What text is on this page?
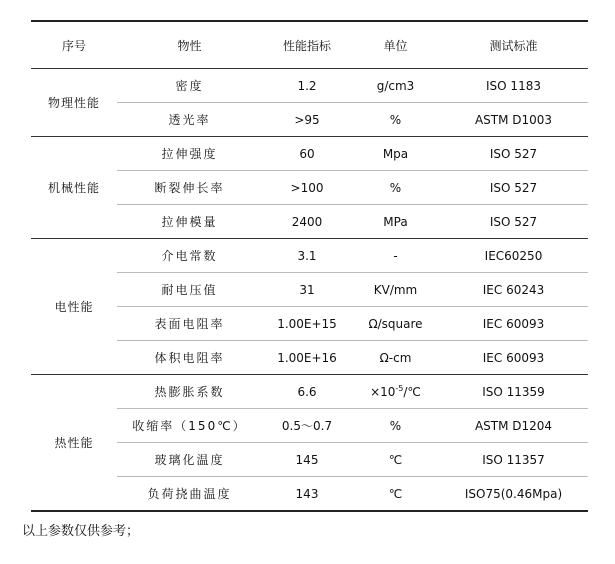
序号	物性	性能指标	单位	测试标准
物理性能	密度	1.2	g/cm3	ISO 1183
	透光率	>95	%	ASTM D1003
机械性能	拉伸强度	60	Mpa	ISO 527
	断裂伸长率	>100	%	ISO 527
	拉伸模量	2400	MPa	ISO 527
电性能	介电常数	3.1	-	IEC60250
	耐电压值	31	KV/mm	IEC 60243
	表面电阻率	1.00E+15	Ω/square	IEC 60093
	体积电阻率	1.00E+16	Ω-cm	IEC 60093
热性能	热膨胀系数	6.6	$\times 10^{-5}/℃$	ISO 11359
	收缩率（150℃）	0.5～0.7	%	ASTM D1204
	玻璃化温度	145	℃	ISO 11357
	负荷挠曲温度	143	℃	ISO75(0.46Mpa)
以上参数仅供参考；
